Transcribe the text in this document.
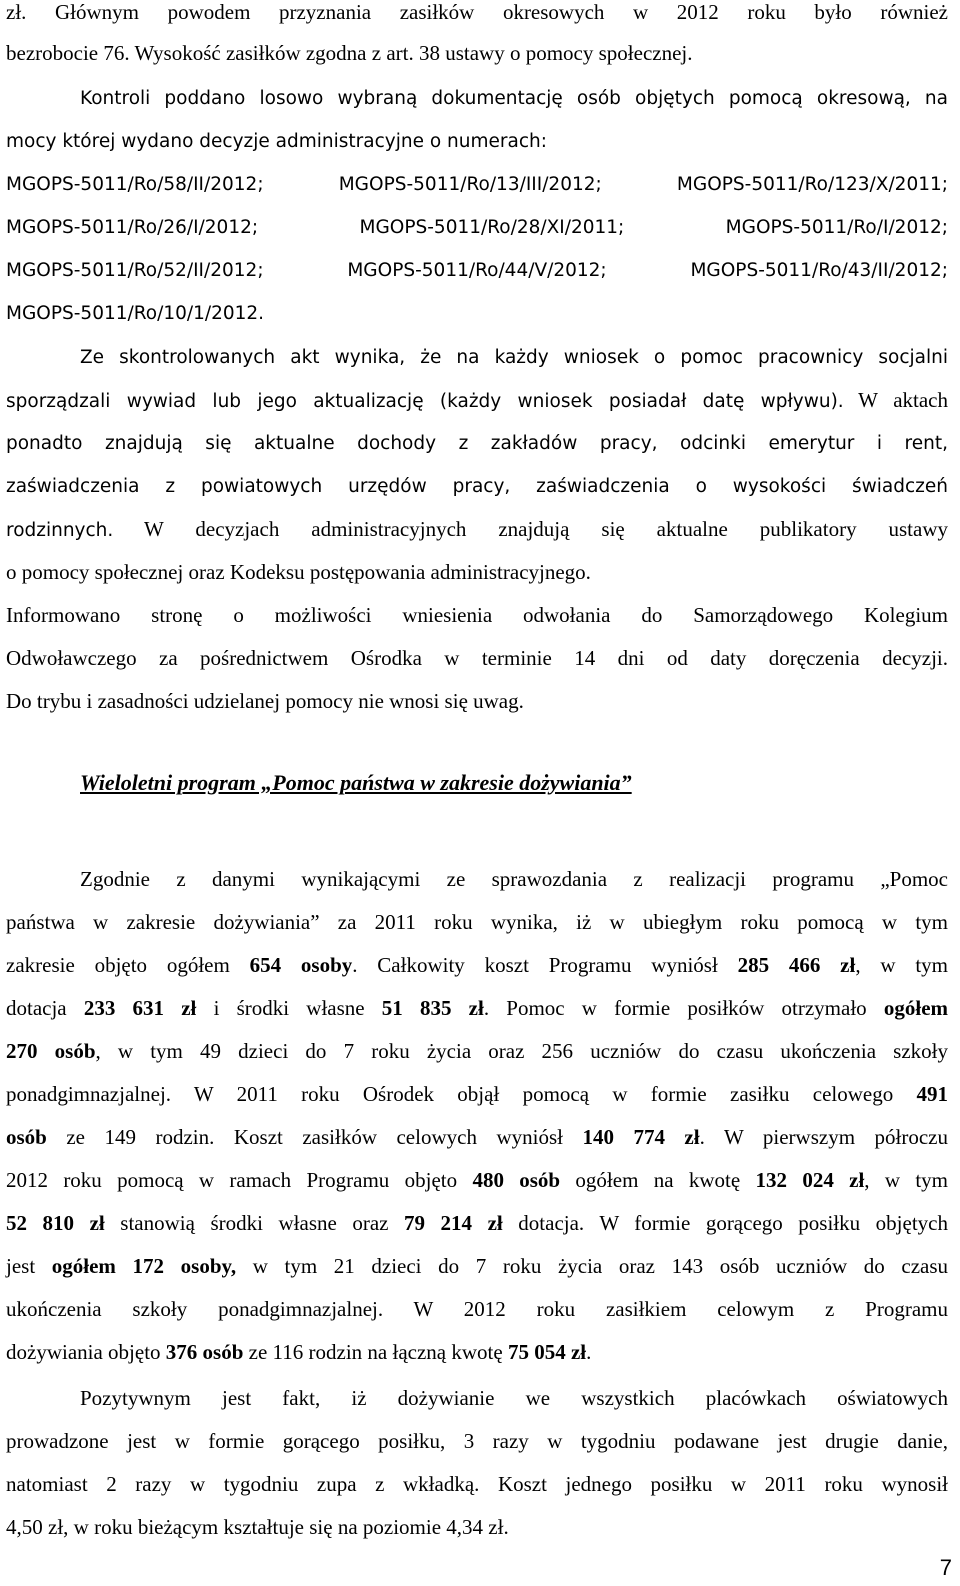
zł. Głównym powodem przyznania zasiłków okresowych w 2012 roku było również
bezrobocie 76. Wysokość zasiłków zgodna z art. 38 ustawy o pomocy społecznej.
Kontroli poddano losowo wybraną dokumentację osób objętych pomocą okresową, na
mocy której wydano decyzje administracyjne o numerach:
MGOPS-5011/Ro/58/II/2012; MGOPS-5011/Ro/13/III/2012; MGOPS-5011/Ro/123/X/2011;
MGOPS-5011/Ro/26/I/2012; MGOPS-5011/Ro/28/XI/2011; MGOPS-5011/Ro/I/2012;
MGOPS-5011/Ro/52/II/2012; MGOPS-5011/Ro/44/V/2012; MGOPS-5011/Ro/43/II/2012;
MGOPS-5011/Ro/10/1/2012.
Ze skontrolowanych akt wynika, że na każdy wniosek o pomoc pracownicy socjalni
sporządzali wywiad lub jego aktualizację (każdy wniosek posiadał datę wpływu). W aktach
ponadto znajdują się aktualne dochody z zakładów pracy, odcinki emerytur i rent,
zaświadczenia z powiatowych urzędów pracy, zaświadczenia o wysokości świadczeń
rodzinnych. W decyzjach administracyjnych znajdują się aktualne publikatory ustawy
o pomocy społecznej oraz Kodeksu postępowania administracyjnego.
Informowano stronę o możliwości wniesienia odwołania do Samorządowego Kolegium
Odwoławczego za pośrednictwem Ośrodka w terminie 14 dni od daty doręczenia decyzji.
Do trybu i zasadności udzielanej pomocy nie wnosi się uwag.
Wieloletni program „Pomoc państwa w zakresie dożywiania”
Zgodnie z danymi wynikającymi ze sprawozdania z realizacji programu „Pomoc
państwa w zakresie dożywiania” za 2011 roku wynika, iż w ubiegłym roku pomocą w tym
zakresie objęto ogółem 654 osoby. Całkowity koszt Programu wyniósł 285 466 zł, w tym
dotacja 233 631 zł i środki własne 51 835 zł. Pomoc w formie posiłków otrzymało ogółem
270 osób, w tym 49 dzieci do 7 roku życia oraz 256 uczniów do czasu ukończenia szkoły
ponadgimnazjalnej. W 2011 roku Ośrodek objął pomocą w formie zasiłku celowego 491
osób ze 149 rodzin. Koszt zasiłków celowych wyniósł 140 774 zł. W pierwszym półroczu
2012 roku pomocą w ramach Programu objęto 480 osób ogółem na kwotę 132 024 zł, w tym
52 810 zł stanowią środki własne oraz 79 214 zł dotacja. W formie gorącego posiłku objętych
jest ogółem 172 osoby, w tym 21 dzieci do 7 roku życia oraz 143 osób uczniów do czasu
ukończenia szkoły ponadgimnazjalnej. W 2012 roku zasiłkiem celowym z Programu
dożywiania objęto 376 osób ze 116 rodzin na łączną kwotę 75 054 zł.
Pozytywnym jest fakt, iż dożywianie we wszystkich placówkach oświatowych
prowadzone jest w formie gorącego posiłku, 3 razy w tygodniu podawane jest drugie danie,
natomiast 2 razy w tygodniu zupa z wkładką. Koszt jednego posiłku w 2011 roku wynosił
4,50 zł, w roku bieżącym kształtuje się na poziomie 4,34 zł.
7
